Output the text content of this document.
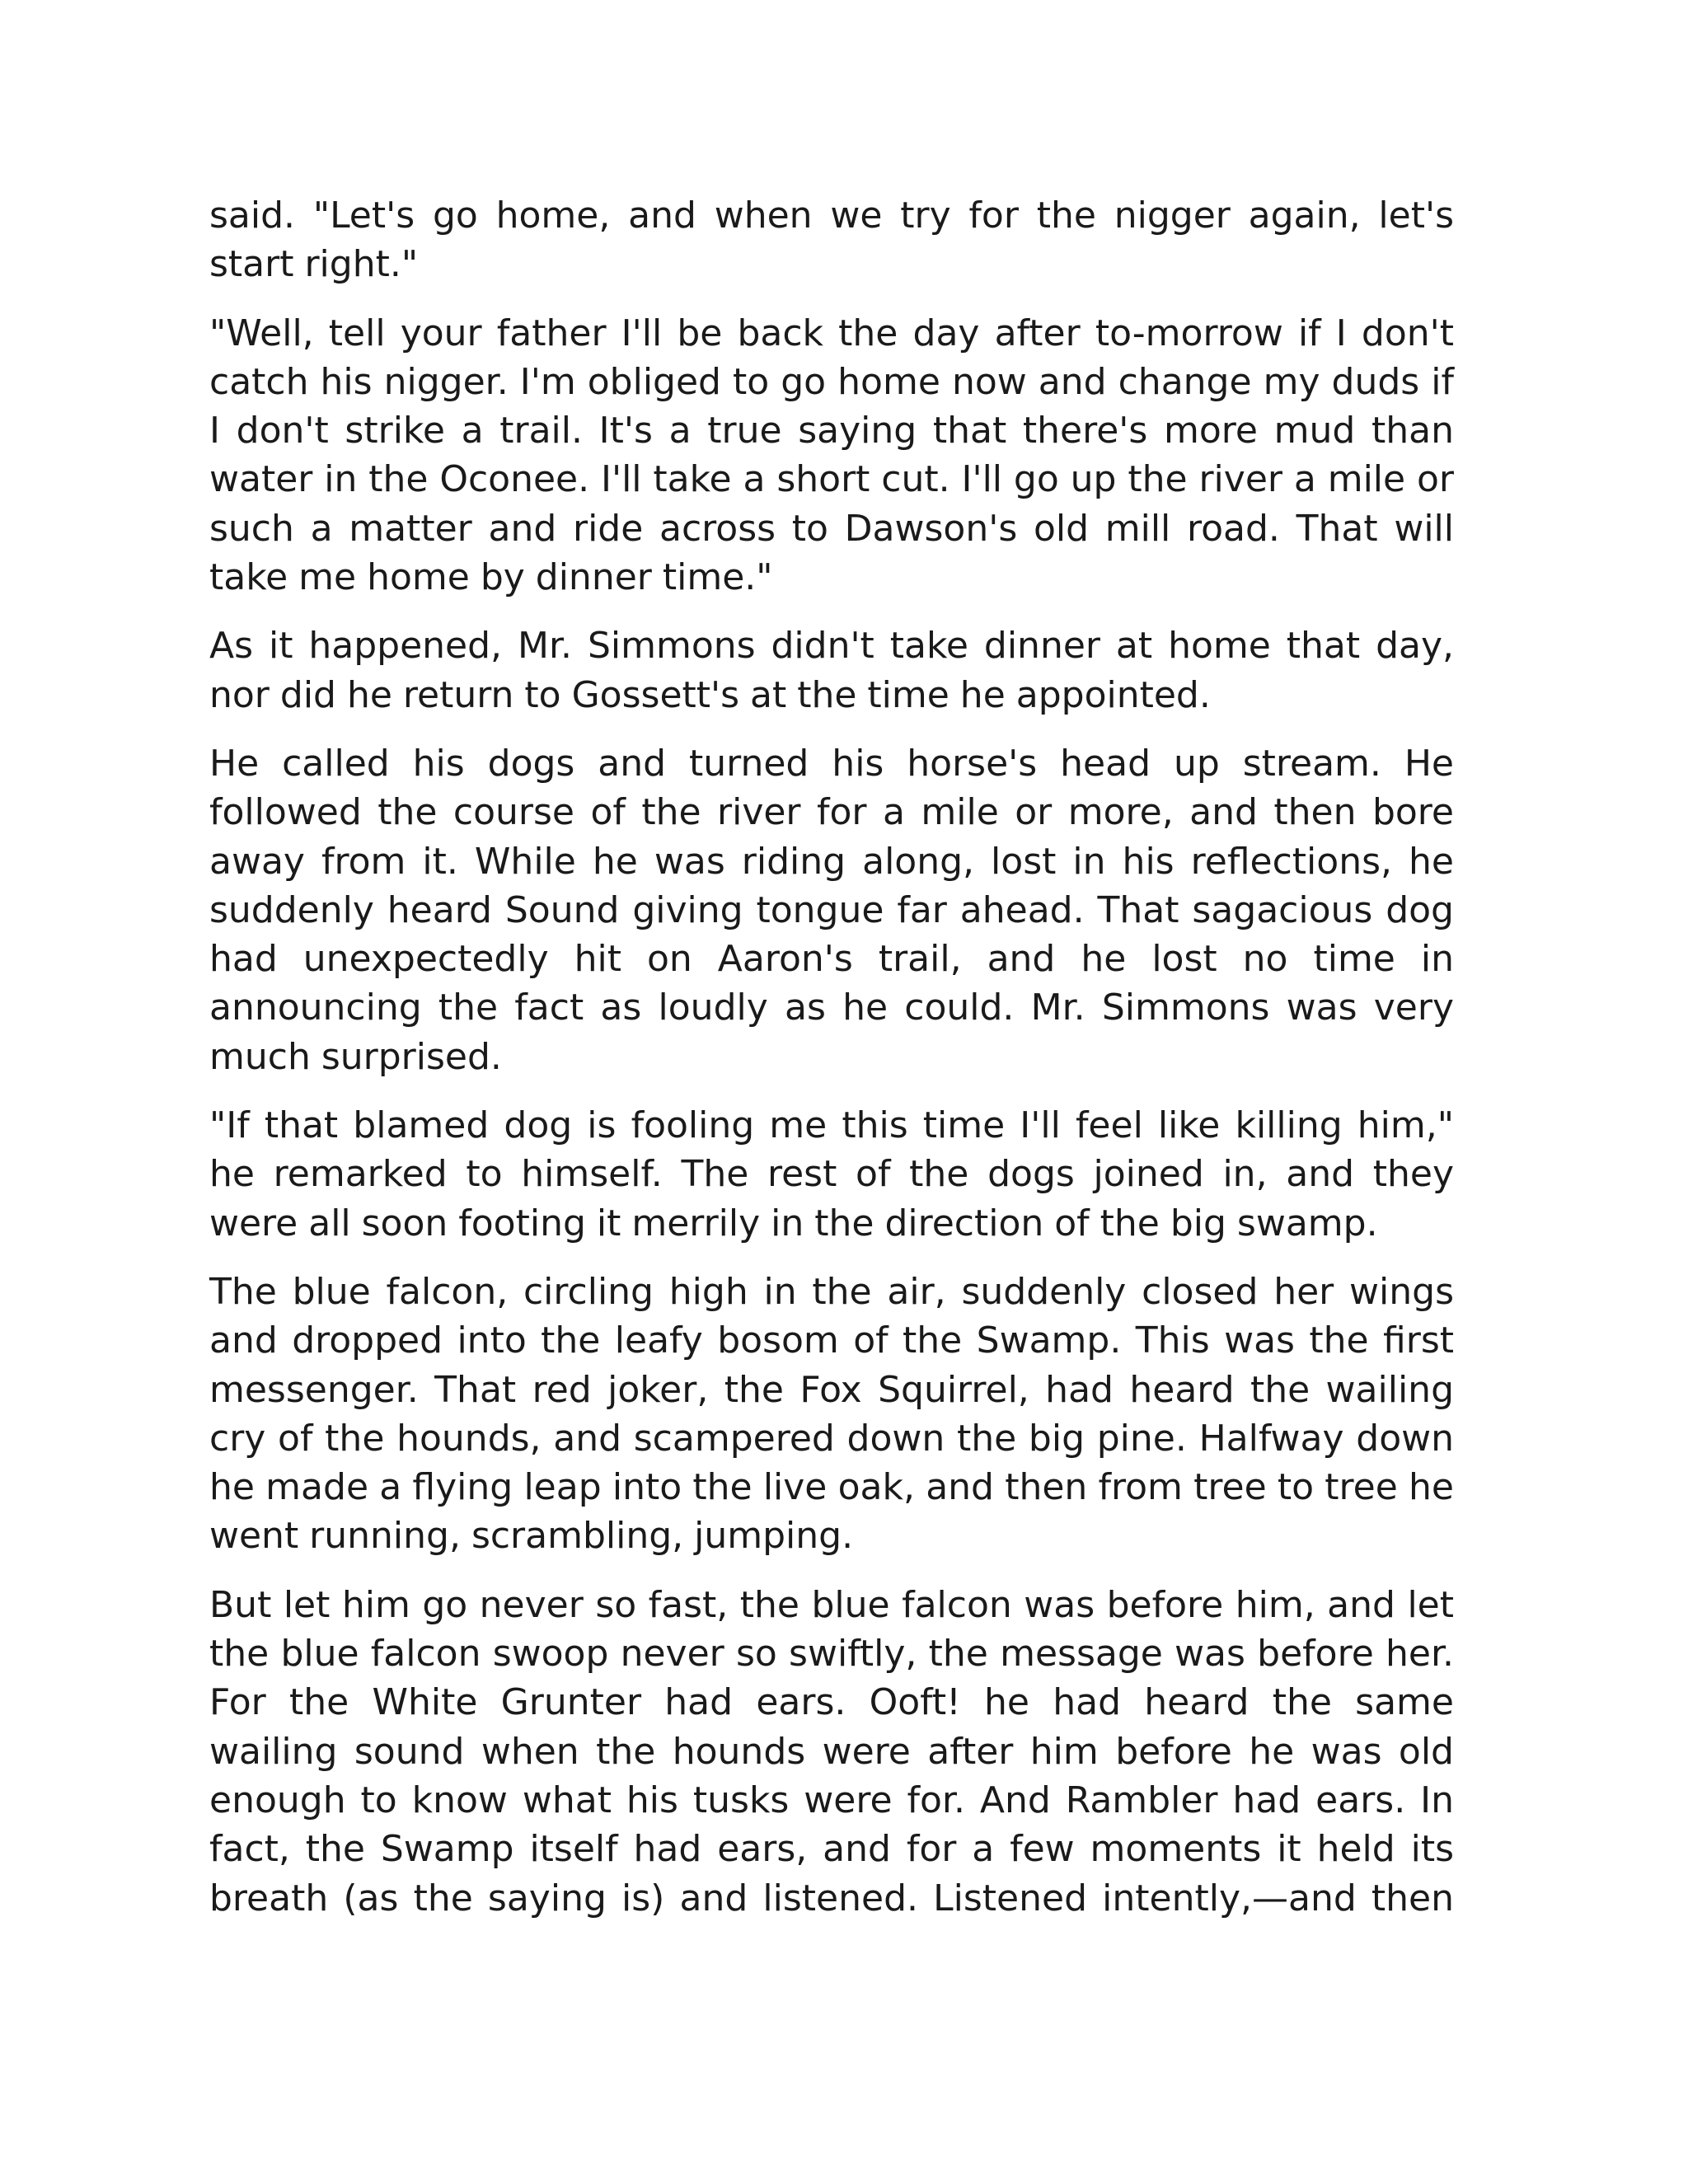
said. "Let's go home, and when we try for the nigger again, let's start right."

"Well, tell your father I'll be back the day after to-morrow if I don't catch his nigger. I'm obliged to go home now and change my duds if I don't strike a trail. It's a true saying that there's more mud than water in the Oconee. I'll take a short cut. I'll go up the river a mile or such a matter and ride across to Dawson's old mill road. That will take me home by dinner time."

As it happened, Mr. Simmons didn't take dinner at home that day, nor did he return to Gossett's at the time he appointed.

He called his dogs and turned his horse's head up stream. He followed the course of the river for a mile or more, and then bore away from it. While he was riding along, lost in his reflections, he suddenly heard Sound giving tongue far ahead. That sagacious dog had unexpectedly hit on Aaron's trail, and he lost no time in announcing the fact as loudly as he could. Mr. Simmons was very much surprised.

"If that blamed dog is fooling me this time I'll feel like killing him," he remarked to himself. The rest of the dogs joined in, and they were all soon footing it merrily in the direction of the big swamp.

The blue falcon, circling high in the air, suddenly closed her wings and dropped into the leafy bosom of the Swamp. This was the first messenger. That red joker, the Fox Squirrel, had heard the wailing cry of the hounds, and scampered down the big pine. Halfway down he made a flying leap into the live oak, and then from tree to tree he went running, scrambling, jumping.

But let him go never so fast, the blue falcon was before him, and let the blue falcon swoop never so swiftly, the message was before her. For the White Grunter had ears. Ooft! he had heard the same wailing sound when the hounds were after him before he was old enough to know what his tusks were for. And Rambler had ears. In fact, the Swamp itself had ears, and for a few moments it held its breath (as the saying is) and listened. Listened intently,—and then
